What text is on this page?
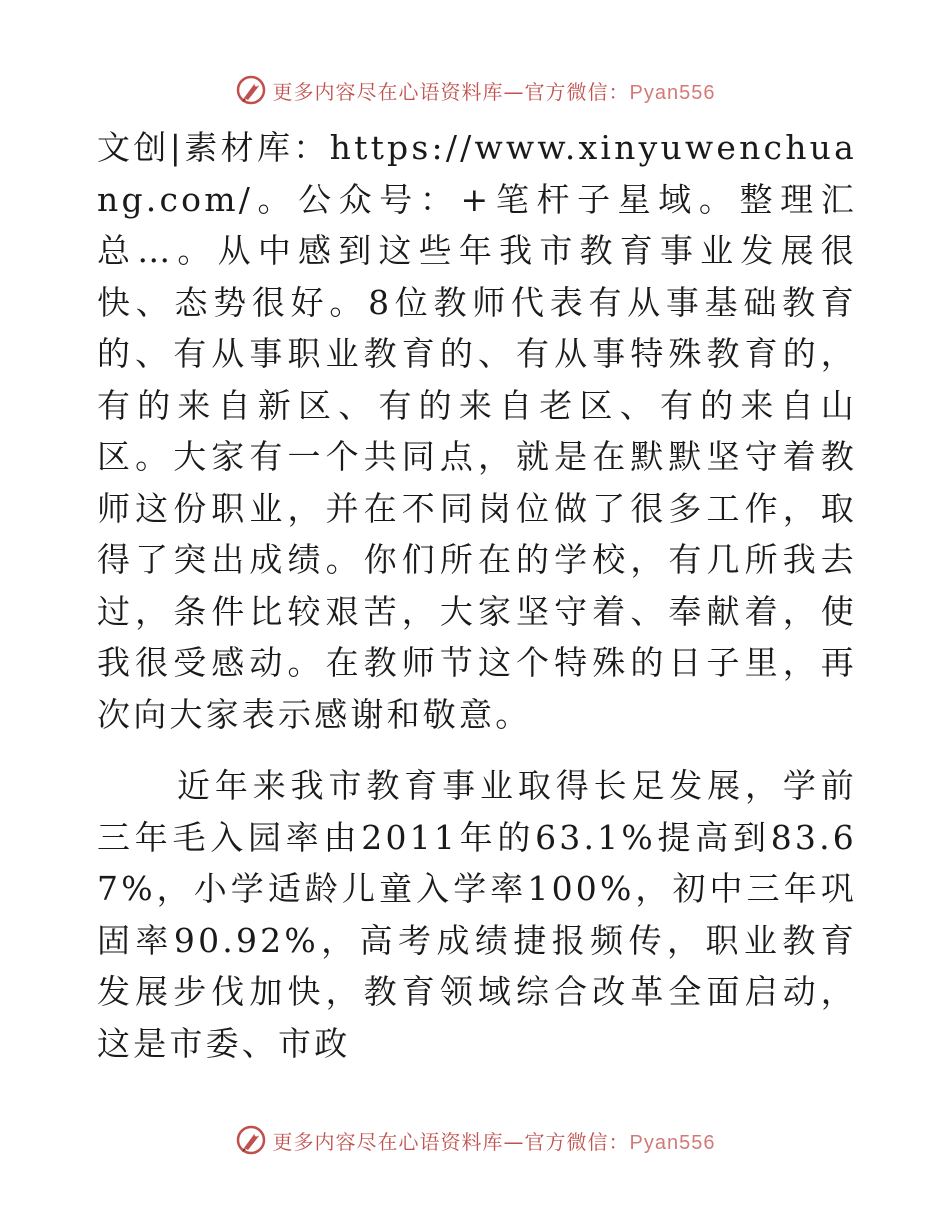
更多内容尽在心语资料库—官方微信：Pyan556

文创|素材库：https://www.xinyuwenchuang.com/。公众号：+笔杆子星域。整理汇总…。从中感到这些年我市教育事业发展很快、态势很好。8位教师代表有从事基础教育的、有从事职业教育的、有从事特殊教育的，有的来自新区、有的来自老区、有的来自山区。大家有一个共同点，就是在默默坚守着教师这份职业，并在不同岗位做了很多工作，取得了突出成绩。你们所在的学校，有几所我去过，条件比较艰苦，大家坚守着、奉献着，使我很受感动。在教师节这个特殊的日子里，再次向大家表示感谢和敬意。

近年来我市教育事业取得长足发展，学前三年毛入园率由2011年的63.1%提高到83.67%，小学适龄儿童入学率100%，初中三年巩固率90.92%，高考成绩捷报频传，职业教育发展步伐加快，教育领域综合改革全面启动，这是市委、市政

更多内容尽在心语资料库—官方微信：Pyan556
